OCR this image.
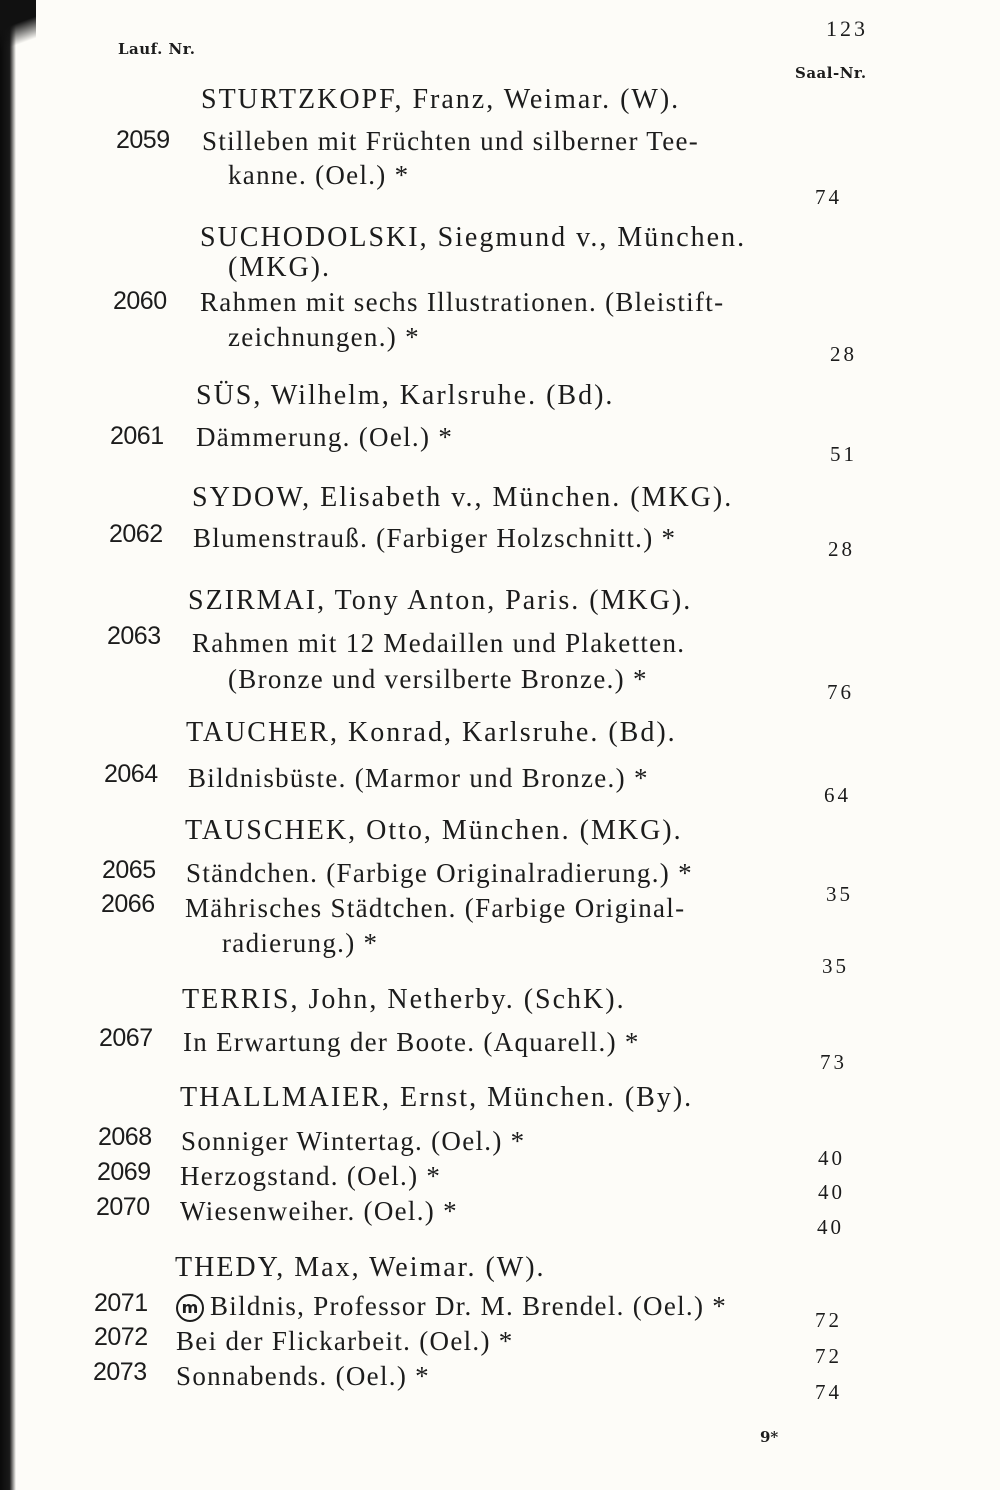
Lauf. Nr.
123
Saal-Nr.
STURTZKOPF, Franz, Weimar. (W).
2059 Stilleben mit Früchten und silberner Tee-
kanne. (Oel.) *
74
SUCHODOLSKI, Siegmund v., München.
(MKG).
2060 Rahmen mit sechs Illustrationen. (Bleistift-
zeichnungen.) *
28
SÜS, Wilhelm, Karlsruhe. (Bd).
2061 Dämmerung. (Oel.) *
51
SYDOW, Elisabeth v., München. (MKG).
2062 Blumenstrauß. (Farbiger Holzschnitt.) *	28
SZIRMAI, Tony Anton, Paris. (MKG).
2063 Rahmen mit 12 Medaillen und Plaketten.
(Bronze und versilberte Bronze.) *	76
TAUCHER, Konrad, Karlsruhe. (Bd).
2064 Bildnisbüste. (Marmor und Bronze.) *
64
TAUSCHEK, Otto, München. (MKG).
2065 Ständchen. (Farbige Originalradierung.) *
35
2066 Mährisches Städtchen. (Farbige Original-
radierung.) *
35
TERRIS, John, Netherby. (SchK).
2067 In Erwartung der Boote. (Aquarell.) *
73
THALLMAIER, Ernst, München. (By).
2068 Sonniger Wintertag. (Oel.) *
40
2069 Herzogstand. (Oel.) *
40
2070 Wiesenweiher. (Oel.) *
40
THEDY, Max, Weimar. (W).
2071	m Bildnis, Professor Dr. M. Brendel. (Oel.) *	72
2072 Bei der Flickarbeit. (Oel.) *	72
2073 Sonnabends. (Oel.) *
74
9*
